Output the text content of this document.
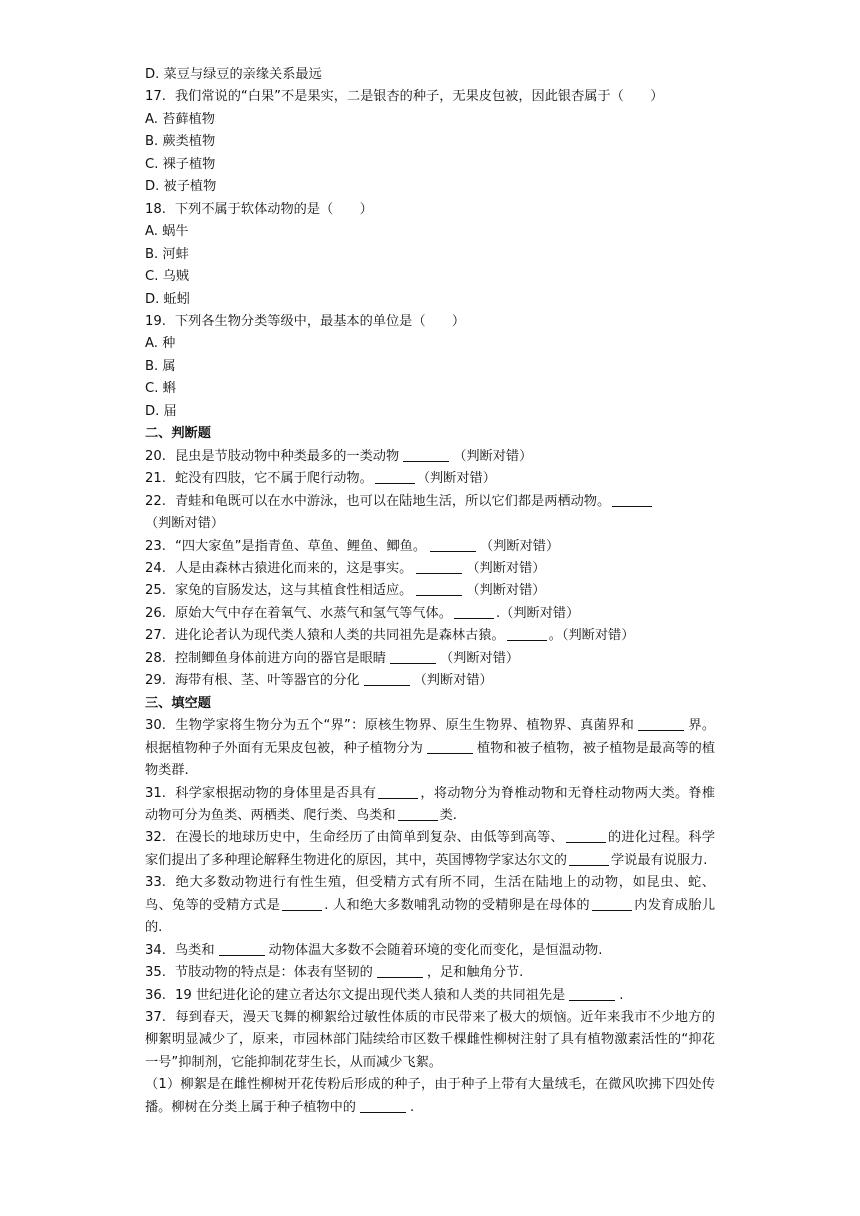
D. 菜豆与绿豆的亲缘关系最远
17. 我们常说的“白果”不是果实，二是银杏的种子，无果皮包被，因此银杏属于（　　）
A. 苔藓植物
B. 蕨类植物
C. 裸子植物
D. 被子植物
18. 下列不属于软体动物的是（　　）
A. 蜗牛
B. 河蚌
C. 乌贼
D. 蚯蚓
19. 下列各生物分类等级中，最基本的单位是（　　）
A. 种
B. 属
C. 蝌
D. 届
二、判断题
20. 昆虫是节肢动物中种类最多的一类动物	（判断对错）
21. 蛇没有四肢，它不属于爬行动物。	（判断对错）
22. 青蛙和龟既可以在水中游泳，也可以在陆地生活，所以它们都是两栖动物。
（判断对错）
23. “四大家鱼”是指青鱼、草鱼、鲤鱼、鲫鱼。	（判断对错）
24. 人是由森林古猿进化而来的，这是事实。	（判断对错）
25. 家兔的盲肠发达，这与其植食性相适应。	（判断对错）
26. 原始大气中存在着氧气、水蒸气和氢气等气体。	.（判断对错）
27. 进化论者认为现代类人猿和人类的共同祖先是森林古猿。	。（判断对错）
28. 控制鲫鱼身体前进方向的器官是眼睛	（判断对错）
29. 海带有根、茎、叶等器官的分化	（判断对错）
三、填空题
30. 生物学家将生物分为五个“界”：原核生物界、原生生物界、植物界、真菌界和	界。根据植物种子外面有无果皮包被，种子植物分为	植物和被子植物，被子植物是最高等的植物类群.
31. 科学家根据动物的身体里是否具有	，将动物分为脊椎动物和无脊柱动物两大类。脊椎动物可分为鱼类、两栖类、爬行类、鸟类和	类.
32. 在漫长的地球历史中，生命经历了由简单到复杂、由低等到高等、	的进化过程。科学家们提出了多种理论解释生物进化的原因，其中，英国博物学家达尔文的	学说最有说服力.
33. 绝大多数动物进行有性生殖，但受精方式有所不同，生活在陆地上的动物，如昆虫、蛇、鸟、兔等的受精方式是	. 人和绝大多数哺乳动物的受精卵是在母体的	内发育成胎儿的.
34. 鸟类和	动物体温大多数不会随着环境的变化而变化，是恒温动物.
35. 节肢动物的特点是：体表有坚韧的	，足和触角分节.
36. 19 世纪进化论的建立者达尔文提出现代类人猿和人类的共同祖先是	.
37. 每到春天，漫天飞舞的柳絮给过敏性体质的市民带来了极大的烦恼。近年来我市不少地方的柳絮明显减少了，原来，市园林部门陆续给市区数千棵雌性柳树注射了具有植物激素活性的“抑花一号”抑制剂，它能抑制花芽生长，从而减少飞絮。
（1）柳絮是在雌性柳树开花传粉后形成的种子，由于种子上带有大量绒毛，在微风吹拂下四处传播。柳树在分类上属于种子植物中的	.
